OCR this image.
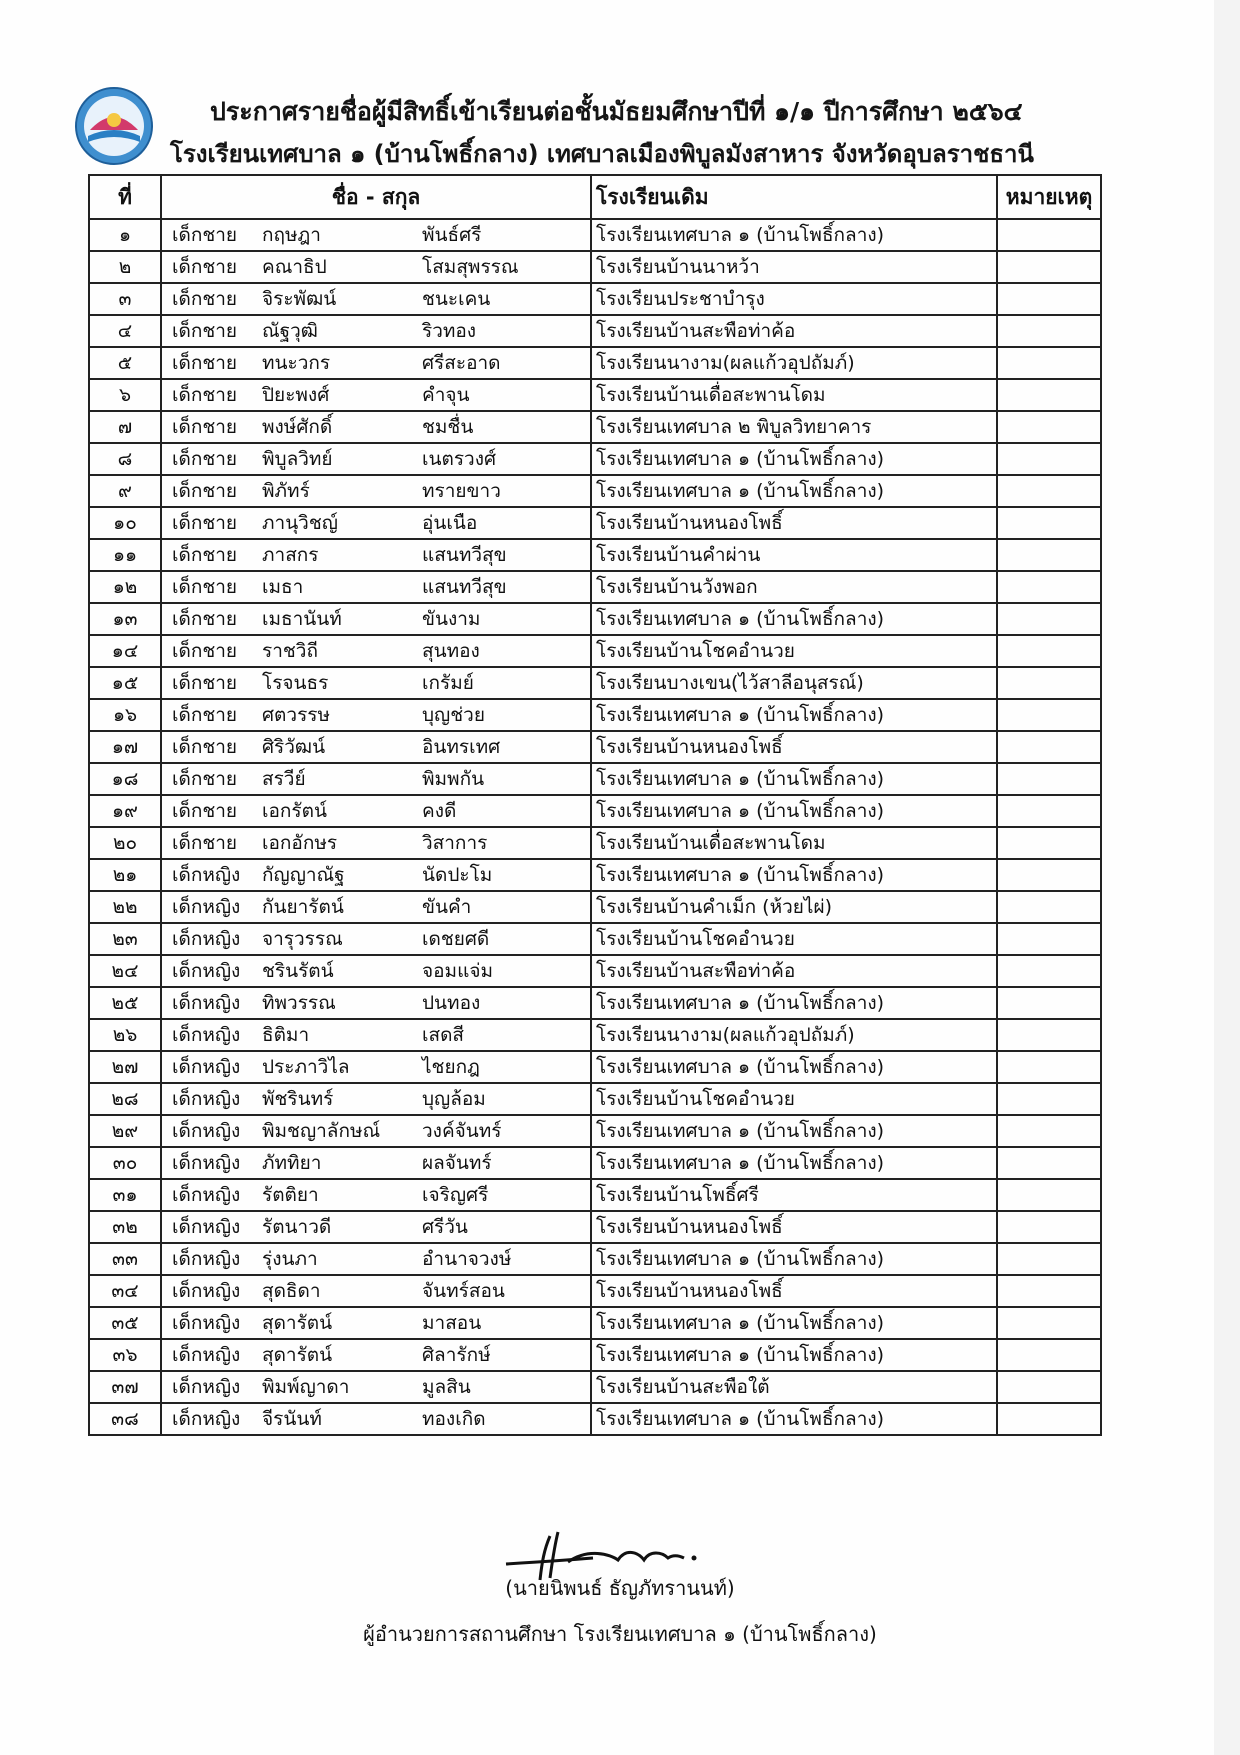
ประกาศรายชื่อผู้มีสิทธิ์เข้าเรียนต่อชั้นมัธยมศึกษาปีที่ ๑/๑ ปีการศึกษา ๒๕๖๔
โรงเรียนเทศบาล ๑ (บ้านโพธิ์กลาง) เทศบาลเมืองพิบูลมังสาหาร จังหวัดอุบลราชธานี
ที่	ชื่อ - สกุล	โรงเรียนเดิม	หมายเหตุ
๑	เด็กชาย กฤษฎา พันธ์ศรี	โรงเรียนเทศบาล ๑ (บ้านโพธิ์กลาง)	
๒	เด็กชาย คณาธิป โสมสุพรรณ	โรงเรียนบ้านนาหว้า	
๓	เด็กชาย จิระพัฒน์ ชนะเคน	โรงเรียนประชาบำรุง	
๔	เด็กชาย ณัฐวุฒิ ริวทอง	โรงเรียนบ้านสะพือท่าค้อ	
๕	เด็กชาย ทนะวกร ศรีสะอาด	โรงเรียนนางาม(ผลแก้วอุปถัมภ์)	
๖	เด็กชาย ปิยะพงศ์ คำจุน	โรงเรียนบ้านเดื่อสะพานโดม	
๗	เด็กชาย พงษ์ศักดิ์ ชมชื่น	โรงเรียนเทศบาล ๒ พิบูลวิทยาคาร	
๘	เด็กชาย พิบูลวิทย์ เนตรวงศ์	โรงเรียนเทศบาล ๑ (บ้านโพธิ์กลาง)	
๙	เด็กชาย พิภัทร์ ทรายขาว	โรงเรียนเทศบาล ๑ (บ้านโพธิ์กลาง)	
๑๐	เด็กชาย ภานุวิชญ์ อุ่นเนือ	โรงเรียนบ้านหนองโพธิ์	
๑๑	เด็กชาย ภาสกร แสนทวีสุข	โรงเรียนบ้านคำผ่าน	
๑๒	เด็กชาย เมธา แสนทวีสุข	โรงเรียนบ้านวังพอก	
๑๓	เด็กชาย เมธานันท์ ขันงาม	โรงเรียนเทศบาล ๑ (บ้านโพธิ์กลาง)	
๑๔	เด็กชาย ราชวิถี สุนทอง	โรงเรียนบ้านโชคอำนวย	
๑๕	เด็กชาย โรจนธร เกรัมย์	โรงเรียนบางเขน(ไว้สาลีอนุสรณ์)	
๑๖	เด็กชาย ศตวรรษ บุญช่วย	โรงเรียนเทศบาล ๑ (บ้านโพธิ์กลาง)	
๑๗	เด็กชาย ศิริวัฒน์ อินทรเทศ	โรงเรียนบ้านหนองโพธิ์	
๑๘	เด็กชาย สรวีย์ พิมพกัน	โรงเรียนเทศบาล ๑ (บ้านโพธิ์กลาง)	
๑๙	เด็กชาย เอกรัตน์ คงดี	โรงเรียนเทศบาล ๑ (บ้านโพธิ์กลาง)	
๒๐	เด็กชาย เอกอักษร วิสาการ	โรงเรียนบ้านเดื่อสะพานโดม	
๒๑	เด็กหญิง กัญญาณัฐ นัดปะโม	โรงเรียนเทศบาล ๑ (บ้านโพธิ์กลาง)	
๒๒	เด็กหญิง กันยารัตน์ ขันคำ	โรงเรียนบ้านคำเม็ก (ห้วยไผ่)	
๒๓	เด็กหญิง จารุวรรณ เดชยศดี	โรงเรียนบ้านโชคอำนวย	
๒๔	เด็กหญิง ชรินรัตน์ จอมแจ่ม	โรงเรียนบ้านสะพือท่าค้อ	
๒๕	เด็กหญิง ทิพวรรณ ปนทอง	โรงเรียนเทศบาล ๑ (บ้านโพธิ์กลาง)	
๒๖	เด็กหญิง ธิติมา เสดสี	โรงเรียนนางาม(ผลแก้วอุปถัมภ์)	
๒๗	เด็กหญิง ประภาวิไล ไชยกฎ	โรงเรียนเทศบาล ๑ (บ้านโพธิ์กลาง)	
๒๘	เด็กหญิง พัชรินทร์ บุญล้อม	โรงเรียนบ้านโชคอำนวย	
๒๙	เด็กหญิง พิมชญาลักษณ์ วงค์จันทร์	โรงเรียนเทศบาล ๑ (บ้านโพธิ์กลาง)	
๓๐	เด็กหญิง ภัททิยา ผลจันทร์	โรงเรียนเทศบาล ๑ (บ้านโพธิ์กลาง)	
๓๑	เด็กหญิง รัตติยา เจริญศรี	โรงเรียนบ้านโพธิ์ศรี	
๓๒	เด็กหญิง รัตนาวดี ศรีวัน	โรงเรียนบ้านหนองโพธิ์	
๓๓	เด็กหญิง รุ่งนภา อำนาจวงษ์	โรงเรียนเทศบาล ๑ (บ้านโพธิ์กลาง)	
๓๔	เด็กหญิง สุดธิดา จันทร์สอน	โรงเรียนบ้านหนองโพธิ์	
๓๕	เด็กหญิง สุดารัตน์ มาสอน	โรงเรียนเทศบาล ๑ (บ้านโพธิ์กลาง)	
๓๖	เด็กหญิง สุดารัตน์ ศิลารักษ์	โรงเรียนเทศบาล ๑ (บ้านโพธิ์กลาง)	
๓๗	เด็กหญิง พิมพ์ญาดา มูลสิน	โรงเรียนบ้านสะพือใต้	
๓๘	เด็กหญิง จีรนันท์ ทองเกิด	โรงเรียนเทศบาล ๑ (บ้านโพธิ์กลาง)	
(นายนิพนธ์ ธัญภัทรานนท์)
ผู้อำนวยการสถานศึกษา โรงเรียนเทศบาล ๑ (บ้านโพธิ์กลาง)
